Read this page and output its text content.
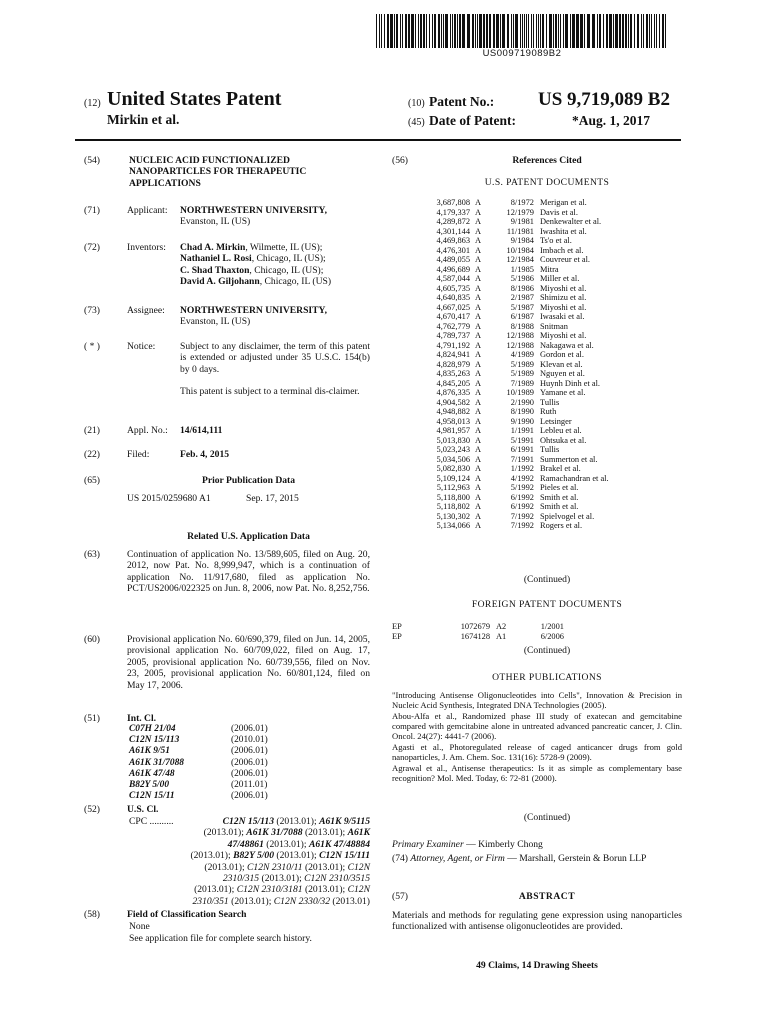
US009719089B2
(12) United States Patent
Mirkin et al.
(10) Patent No.: US 9,719,089 B2
(45) Date of Patent:	*Aug. 1, 2017
(54)	NUCLEIC ACID FUNCTIONALIZED
NANOPARTICLES FOR THERAPEUTIC
APPLICATIONS
(71)	Applicant: NORTHWESTERN UNIVERSITY,
Evanston, IL (US)
(72)	Inventors: Chad A. Mirkin, Wilmette, IL (US);
Nathaniel L. Rosi, Chicago, IL (US);
C. Shad Thaxton, Chicago, IL (US);
David A. Giljohann, Chicago, IL (US)
(73)	Assignee: NORTHWESTERN UNIVERSITY,
Evanston, IL (US)
( * )	Notice:	Subject to any disclaimer, the term of this patent is extended or adjusted under 35 U.S.C. 154(b) by 0 days.
This patent is subject to a terminal dis-claimer.
(21)	Appl. No.: 14/614,111
(22)	Filed:	Feb. 4, 2015
(65)	Prior Publication Data
US 2015/0259680 A1	Sep. 17, 2015
Related U.S. Application Data
(63)	Continuation of application No. 13/589,605, filed on Aug. 20, 2012, now Pat. No. 8,999,947, which is a continuation of application No. 11/917,680, filed as application No. PCT/US2006/022325 on Jun. 8, 2006, now Pat. No. 8,252,756.
(60)	Provisional application No. 60/690,379, filed on Jun. 14, 2005, provisional application No. 60/709,022, filed on Aug. 17, 2005, provisional application No. 60/739,556, filed on Nov. 23, 2005, provisional application No. 60/801,124, filed on May 17, 2006.
(51)	Int. Cl.
C07H 21/04	(2006.01)
C12N 15/113	(2010.01)
A61K 9/51	(2006.01)
A61K 31/7088	(2006.01)
A61K 47/48	(2006.01)
B82Y 5/00	(2011.01)
C12N 15/11	(2006.01)
(52)	U.S. Cl.
CPC ..........	C12N 15/113 (2013.01); A61K 9/5115
(2013.01); A61K 31/7088 (2013.01); A61K
47/48861 (2013.01); A61K 47/48884
(2013.01); B82Y 5/00 (2013.01); C12N 15/111
(2013.01); C12N 2310/11 (2013.01); C12N
2310/315 (2013.01); C12N 2310/3515
(2013.01); C12N 2310/3181 (2013.01); C12N
2310/351 (2013.01); C12N 2330/32 (2013.01)
(58)	Field of Classification Search
None
See application file for complete search history.
(56)	References Cited
U.S. PATENT DOCUMENTS
3,687,808 A	8/1972 Merigan et al.
4,179,337 A	12/1979 Davis et al.
4,289,872 A	9/1981 Denkewalter et al.
4,301,144 A	11/1981 Iwashita et al.
4,469,863 A	9/1984 Ts'o et al.
4,476,301 A	10/1984 Imbach et al.
4,489,055 A	12/1984 Couvreur et al.
4,496,689 A	1/1985 Mitra
4,587,044 A	5/1986 Miller et al.
4,605,735 A	8/1986 Miyoshi et al.
4,640,835 A	2/1987 Shimizu et al.
4,667,025 A	5/1987 Miyoshi et al.
4,670,417 A	6/1987 Iwasaki et al.
4,762,779 A	8/1988 Snitman
4,789,737 A	12/1988 Miyoshi et al.
4,791,192 A	12/1988 Nakagawa et al.
4,824,941 A	4/1989 Gordon et al.
4,828,979 A	5/1989 Klevan et al.
4,835,263 A	5/1989 Nguyen et al.
4,845,205 A	7/1989 Huynh Dinh et al.
4,876,335 A	10/1989 Yamane et al.
4,904,582 A	2/1990 Tullis
4,948,882 A	8/1990 Ruth
4,958,013 A	9/1990 Letsinger
4,981,957 A	1/1991 Lebleu et al.
5,013,830 A	5/1991 Ohtsuka et al.
5,023,243 A	6/1991 Tullis
5,034,506 A	7/1991 Summerton et al.
5,082,830 A	1/1992 Brakel et al.
5,109,124 A	4/1992 Ramachandran et al.
5,112,963 A	5/1992 Pieles et al.
5,118,800 A	6/1992 Smith et al.
5,118,802 A	6/1992 Smith et al.
5,130,302 A	7/1992 Spielvogel et al.
5,134,066 A	7/1992 Rogers et al.
(Continued)
FOREIGN PATENT DOCUMENTS
EP	1072679 A2	1/2001
EP	1674128 A1	6/2006
(Continued)
OTHER PUBLICATIONS
"Introducing Antisense Oligonucleotides into Cells", Innovation & Precision in Nucleic Acid Synthesis, Integrated DNA Technologies (2005).
Abou-Alfa et al., Randomized phase III study of exatecan and gemcitabine compared with gemcitabine alone in untreated advanced pancreatic cancer, J. Clin. Oncol. 24(27): 4441-7 (2006).
Agasti et al., Photoregulated release of caged anticancer drugs from gold nanoparticles, J. Am. Chem. Soc. 131(16): 5728-9 (2009).
Agrawal et al., Antisense therapeutics: Is it as simple as complementary base recognition? Mol. Med. Today, 6: 72-81 (2000).
(Continued)
Primary Examiner — Kimberly Chong
(74) Attorney, Agent, or Firm — Marshall, Gerstein & Borun LLP
(57)	ABSTRACT
Materials and methods for regulating gene expression using nanoparticles functionalized with antisense oligonucleotides are provided.
49 Claims, 14 Drawing Sheets
